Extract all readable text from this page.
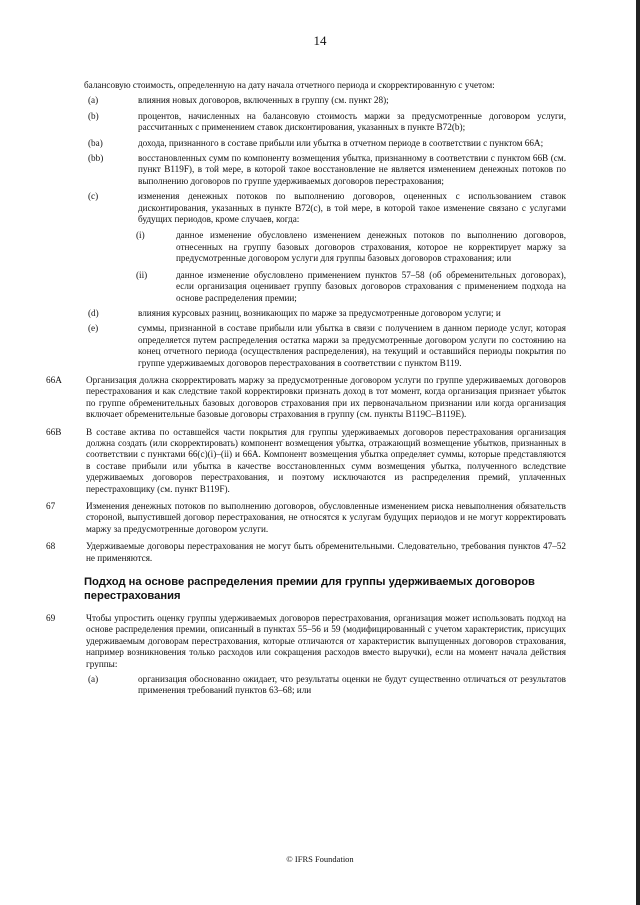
14

балансовую стоимость, определенную на дату начала отчетного периода и скорректированную с учетом:

(a)	влияния новых договоров, включенных в группу (см. пункт 28);
(b)	процентов, начисленных на балансовую стоимость маржи за предусмотренные договором услуги, рассчитанных с применением ставок дисконтирования, указанных в пункте B72(b);
(ba)	дохода, признанного в составе прибыли или убытка в отчетном периоде в соответствии с пунктом 66A;
(bb)	восстановленных сумм по компоненту возмещения убытка, признанному в соответствии с пунктом 66B (см. пункт B119F), в той мере, в которой такое восстановление не является изменением денежных потоков по выполнению договоров по группе удерживаемых договоров перестрахования;
(c)	изменения денежных потоков по выполнению договоров, оцененных с использованием ставок дисконтирования, указанных в пункте B72(c), в той мере, в которой такое изменение связано с услугами будущих периодов, кроме случаев, когда:
(i)	данное изменение обусловлено изменением денежных потоков по выполнению договоров, отнесенных на группу базовых договоров страхования, которое не корректирует маржу за предусмотренные договором услуги для группы базовых договоров страхования; или
(ii)	данное изменение обусловлено применением пунктов 57–58 (об обременительных договорах), если организация оценивает группу базовых договоров страхования с применением подхода на основе распределения премии;
(d)	влияния курсовых разниц, возникающих по марже за предусмотренные договором услуги; и
(e)	суммы, признанной в составе прибыли или убытка в связи с получением в данном периоде услуг, которая определяется путем распределения остатка маржи за предусмотренные договором услуги по состоянию на конец отчетного периода (осуществления распределения), на текущий и оставшийся периоды покрытия по группе удерживаемых договоров перестрахования в соответствии с пунктом B119.
66A	Организация должна скорректировать маржу за предусмотренные договором услуги по группе удерживаемых договоров перестрахования и как следствие такой корректировки признать доход в тот момент, когда организация признает убыток по группе обременительных базовых договоров страхования при их первоначальном признании или когда организация включает обременительные базовые договоры страхования в группу (см. пункты B119C–B119E).
66B	В составе актива по оставшейся части покрытия для группы удерживаемых договоров перестрахования организация должна создать (или скорректировать) компонент возмещения убытка, отражающий возмещение убытков, признанных в соответствии с пунктами 66(c)(i)–(ii) и 66A. Компонент возмещения убытка определяет суммы, которые представляются в составе прибыли или убытка в качестве восстановленных сумм возмещения убытка, полученного вследствие удерживаемых договоров перестрахования, и поэтому исключаются из распределения премий, уплаченных перестраховщику (см. пункт B119F).
67	Изменения денежных потоков по выполнению договоров, обусловленные изменением риска невыполнения обязательств стороной, выпустившей договор перестрахования, не относятся к услугам будущих периодов и не могут корректировать маржу за предусмотренные договором услуги.
68	Удерживаемые договоры перестрахования не могут быть обременительными. Следовательно, требования пунктов 47–52 не применяются.
Подход на основе распределения премии для группы удерживаемых договоров перестрахования
69	Чтобы упростить оценку группы удерживаемых договоров перестрахования, организация может использовать подход на основе распределения премии, описанный в пунктах 55–56 и 59 (модифицированный с учетом характеристик, присущих удерживаемым договорам перестрахования, которые отличаются от характеристик выпущенных договоров страхования, например возникновения только расходов или сокращения расходов вместо выручки), если на момент начала действия группы:
(a)	организация обоснованно ожидает, что результаты оценки не будут существенно отличаться от результатов применения требований пунктов 63–68; или
© IFRS Foundation
